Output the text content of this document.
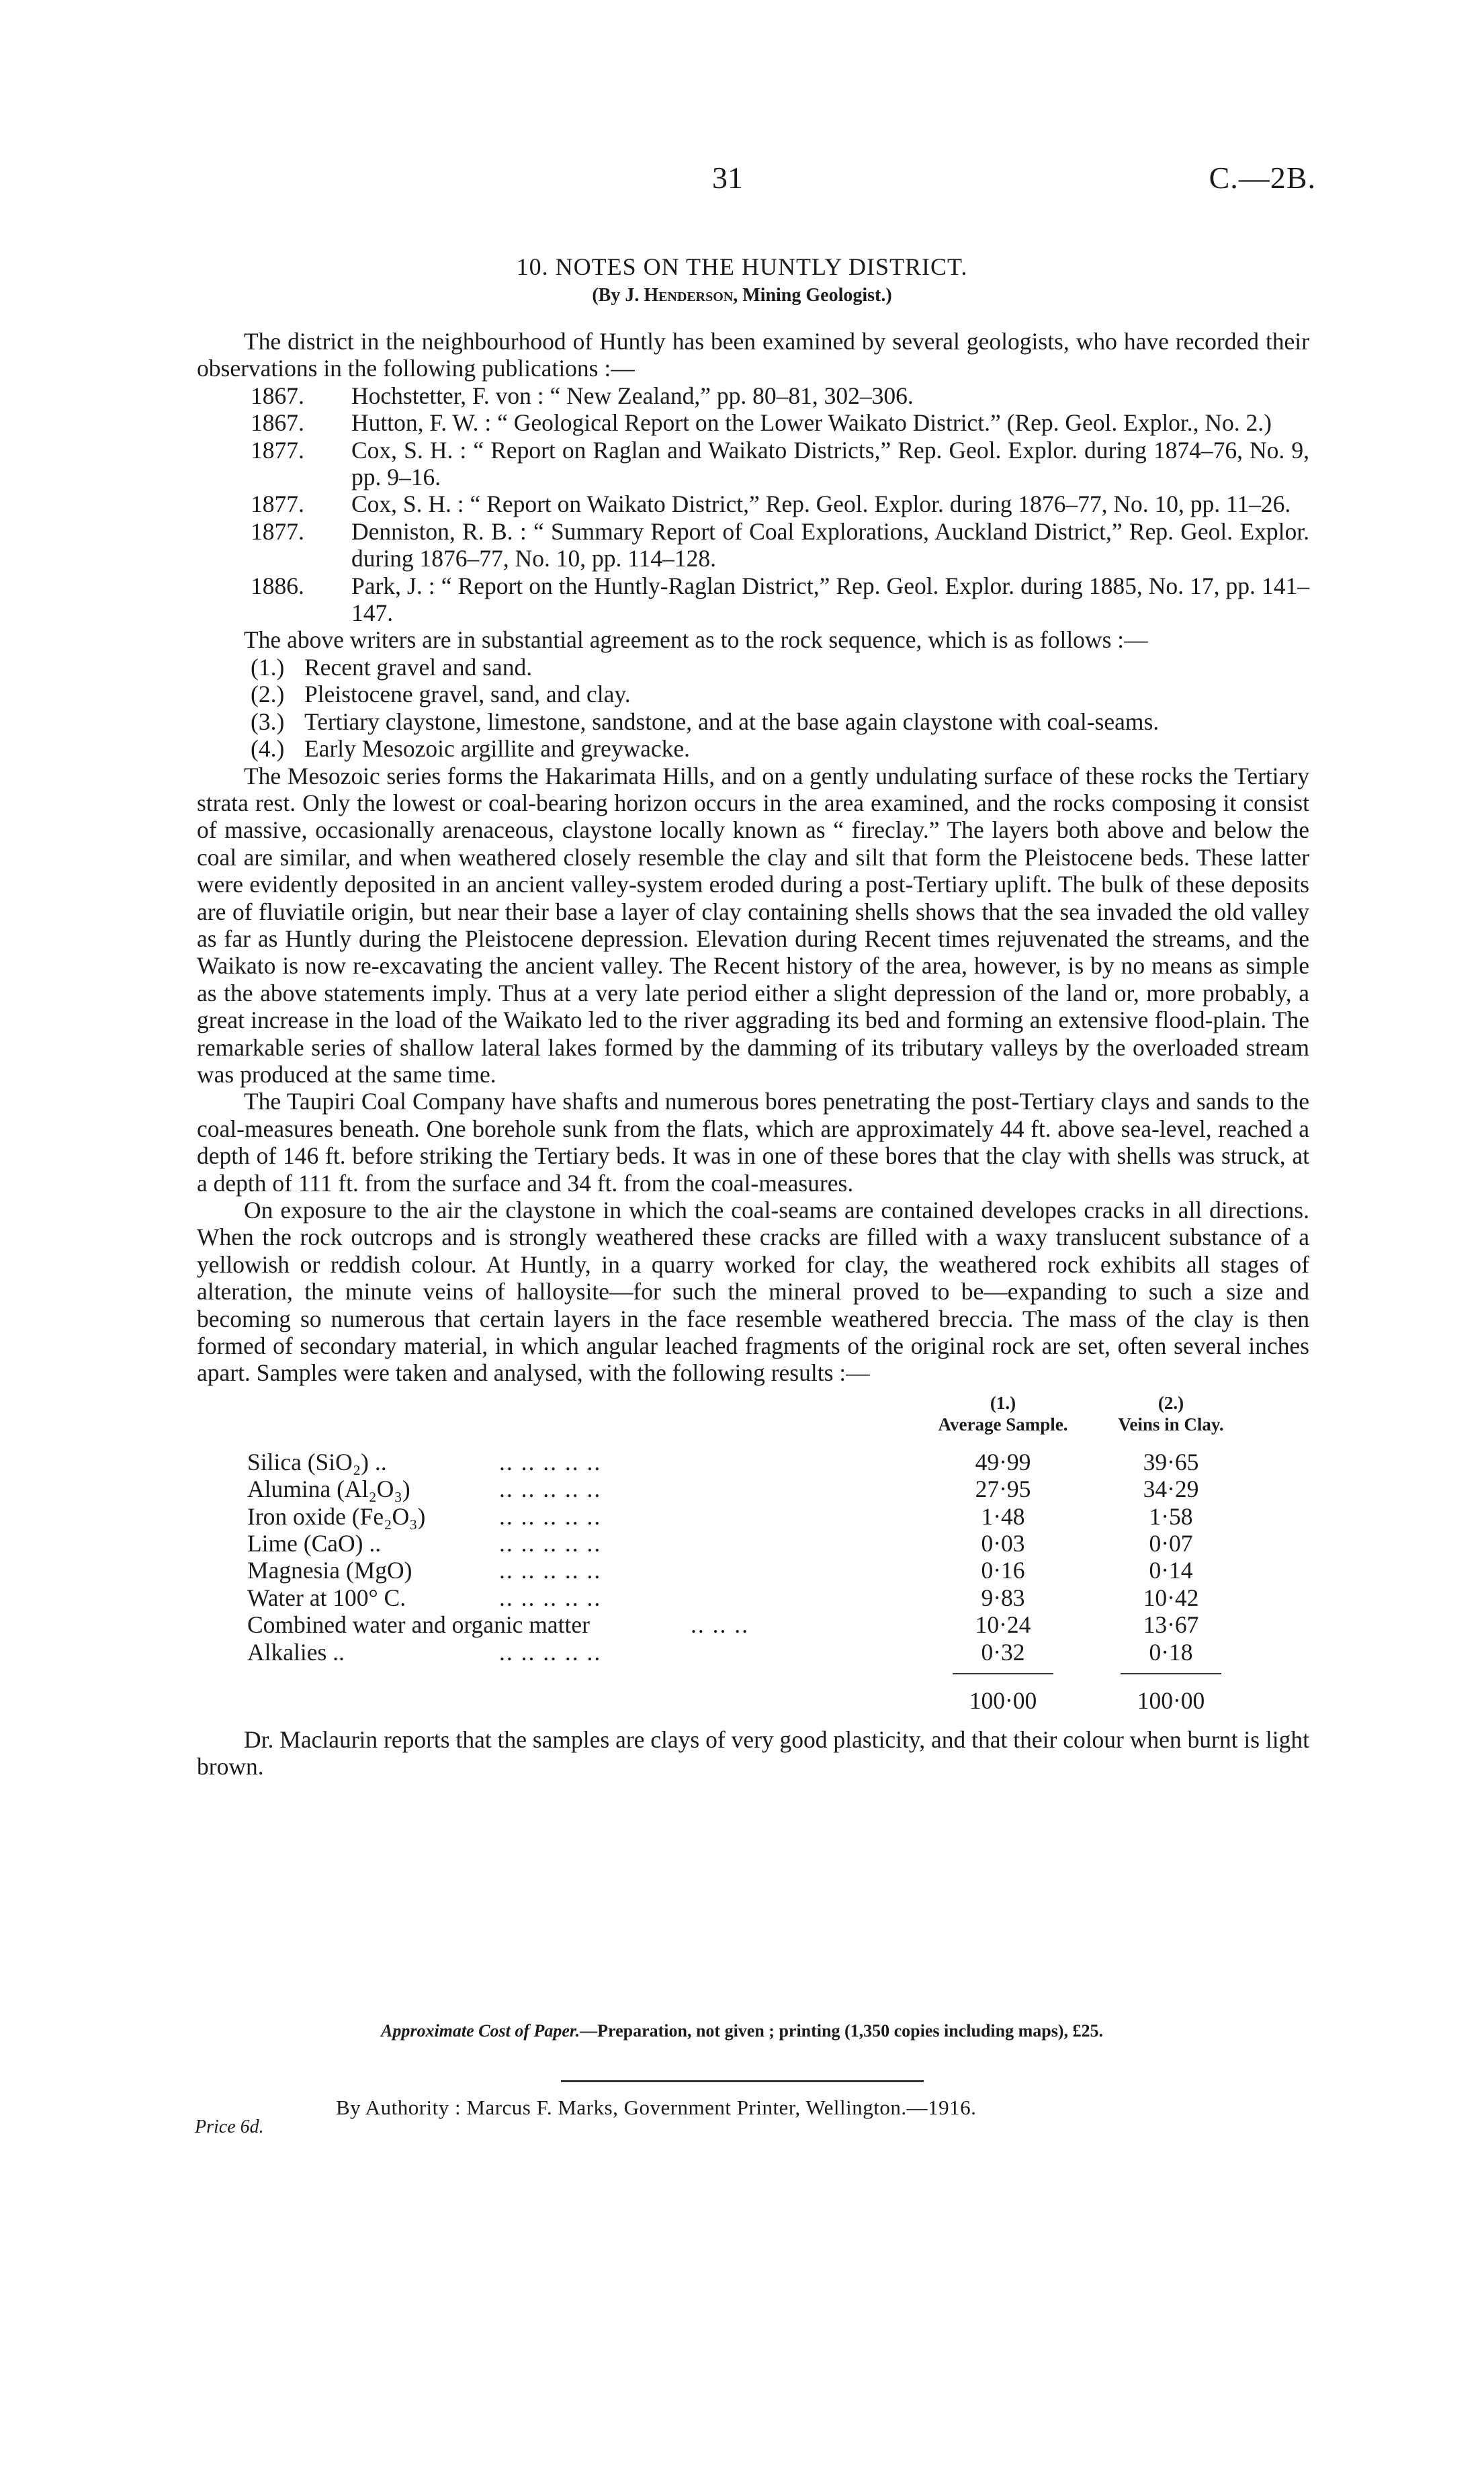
31	C.—2B.
10. NOTES ON THE HUNTLY DISTRICT.
(By J. Henderson, Mining Geologist.)

The district in the neighbourhood of Huntly has been examined by several geologists, who have recorded their observations in the following publications :—

1867.	Hochstetter, F. von : “ New Zealand,” pp. 80–81, 302–306.
1867.	Hutton, F. W. : “ Geological Report on the Lower Waikato District.” (Rep. Geol. Explor., No. 2.)
1877.	Cox, S. H. : “ Report on Raglan and Waikato Districts,” Rep. Geol. Explor. during 1874–76, No. 9, pp. 9–16.
1877.	Cox, S. H. : “ Report on Waikato District,” Rep. Geol. Explor. during 1876–77, No. 10, pp. 11–26.
1877.	Denniston, R. B. : “ Summary Report of Coal Explorations, Auckland District,” Rep. Geol. Explor. during 1876–77, No. 10, pp. 114–128.
1886.	Park, J. : “ Report on the Huntly-Raglan District,” Rep. Geol. Explor. during 1885, No. 17, pp. 141–147.

The above writers are in substantial agreement as to the rock sequence, which is as follows :—

(1.) Recent gravel and sand.
(2.) Pleistocene gravel, sand, and clay.
(3.) Tertiary claystone, limestone, sandstone, and at the base again claystone with coal-seams.
(4.) Early Mesozoic argillite and greywacke.

The Mesozoic series forms the Hakarimata Hills, and on a gently undulating surface of these rocks the Tertiary strata rest. Only the lowest or coal-bearing horizon occurs in the area examined, and the rocks composing it consist of massive, occasionally arenaceous, claystone locally known as “ fireclay.” The layers both above and below the coal are similar, and when weathered closely resemble the clay and silt that form the Pleistocene beds. These latter were evidently deposited in an ancient valley-system eroded during a post-Tertiary uplift. The bulk of these deposits are of fluviatile origin, but near their base a layer of clay containing shells shows that the sea invaded the old valley as far as Huntly during the Pleistocene depression. Elevation during Recent times rejuvenated the streams, and the Waikato is now re-excavating the ancient valley. The Recent history of the area, however, is by no means as simple as the above statements imply. Thus at a very late period either a slight depression of the land or, more probably, a great increase in the load of the Waikato led to the river aggrading its bed and forming an extensive flood-plain. The remarkable series of shallow lateral lakes formed by the damming of its tributary valleys by the overloaded stream was produced at the same time.

The Taupiri Coal Company have shafts and numerous bores penetrating the post-Tertiary clays and sands to the coal-measures beneath. One borehole sunk from the flats, which are approximately 44 ft. above sea-level, reached a depth of 146 ft. before striking the Tertiary beds. It was in one of these bores that the clay with shells was struck, at a depth of 111 ft. from the surface and 34 ft. from the coal-measures.

On exposure to the air the claystone in which the coal-seams are contained developes cracks in all directions. When the rock outcrops and is strongly weathered these cracks are filled with a waxy translucent substance of a yellowish or reddish colour. At Huntly, in a quarry worked for clay, the weathered rock exhibits all stages of alteration, the minute veins of halloysite—for such the mineral proved to be—expanding to such a size and becoming so numerous that certain layers in the face resemble weathered breccia. The mass of the clay is then formed of secondary material, in which angular leached fragments of the original rock are set, often several inches apart. Samples were taken and analysed, with the following results :—

(1.)
Average Sample.
(2.)
Veins in Clay.
Silica (SiO₂) ..	.. .. .. .. ..	49·99	39·65
Alumina (Al₂O₃)	.. .. .. .. ..	27·95	34·29
Iron oxide (Fe₂O₃)	.. .. .. .. ..	1·48	1·58
Lime (CaO) ..	.. .. .. .. ..	0·03	0·07
Magnesia (MgO)	.. .. .. .. ..	0·16	0·14
Water at 100° C.	.. .. .. .. ..	9·83	10·42
Combined water and organic matter	.. .. ..	10·24	13·67
Alkalies ..	.. .. .. .. ..	0·32	0·18
100·00	100·00

Dr. Maclaurin reports that the samples are clays of very good plasticity, and that their colour when burnt is light brown.

Approximate Cost of Paper.—Preparation, not given ; printing (1,350 copies including maps), £25.
By Authority : Marcus F. Marks, Government Printer, Wellington.—1916.
Price 6d.
